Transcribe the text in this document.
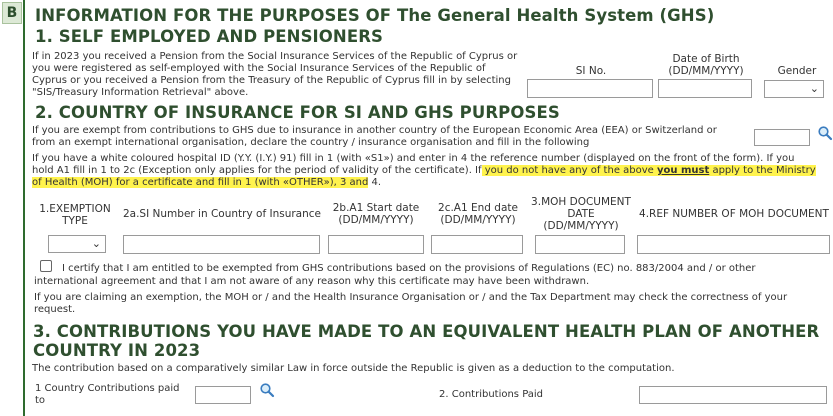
B INFORMATION FOR THE PURPOSES OF The General Health System (GHS)
1. SELF EMPLOYED AND PENSIONERS
If in 2023 you received a Pension from the Social Insurance Services of the Republic of Cyprus or
you were registered as self-employed with the Social Insurance Services of the Republic of
Cyprus or you received a Pension from the Treasury of the Republic of Cyprus fill in by selecting
"SIS/Treasury Information Retrieval" above.
SI No.
Date of Birth
(DD/MM/YYYY)	Gender
⌄
2. COUNTRY OF INSURANCE FOR SI AND GHS PURPOSES
If you are exempt from contributions to GHS due to insurance in another country of the European Economic Area (EEA) or Switzerland or
from an exempt international organisation, declare the country / insurance organisation and fill in the following
If you have a white coloured hospital ID (Y.Y. (I.Y.) 91) fill in 1 (with «S1») and enter in 4 the reference number (displayed on the front of the form). If you
hold A1 fill in 1 to 2c (Exception only applies for the period of validity of the certificate). If you do not have any of the above you must apply to the Ministry
of Health (MOH) for a certificate and fill in 1 (with «OTHER»), 3 and 4.
1.EXEMPTION
TYPE
2a.SI Number in Country of Insurance	2b.A1 Start date
(DD/MM/YYYY)
2c.A1 End date
(DD/MM/YYYY)
3.MOH DOCUMENT
DATE
(DD/MM/YYYY)
4.REF NUMBER OF MOH DOCUMENT
⌄
I certify that I am entitled to be exempted from GHS contributions based on the provisions of Regulations (EC) no. 883/2004 and / or other
international agreement and that I am not aware of any reason why this certificate may have been withdrawn.
If you are claiming an exemption, the MOH or / and the Health Insurance Organisation or / and the Tax Department may check the correctness of your
request.
3. CONTRIBUTIONS YOU HAVE MADE TO AN EQUIVALENT HEALTH PLAN OF ANOTHER
COUNTRY IN 2023
The contribution based on a comparatively similar Law in force outside the Republic is given as a deduction to the computation.
1 Country Contributions paid
to
2. Contributions Paid
